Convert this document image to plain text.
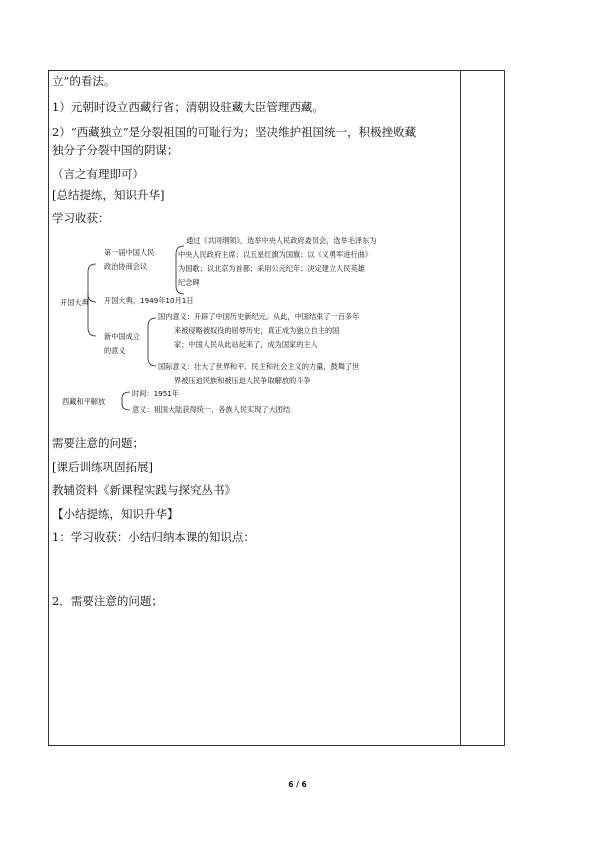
立”的看法。
1）元朝时设立西藏行省；清朝设驻藏大臣管理西藏。
2）“西藏独立”是分裂祖国的可耻行为；坚决维护祖国统一，积极挫败藏
独分子分裂中国的阴谋；
（言之有理即可）
[总结提练，知识升华]
学习收获：
需要注意的问题；
[课后训练巩固拓展]
教辅资料《新课程实践与探究丛书》
【小结提练，知识升华】
1：学习收获：小结归纳本课的知识点：
2．需要注意的问题；
开国大典
第一届中国人民
政治协商会议
通过《共同纲领》，选举中央人民政府委员会，选举毛泽东为
中央人民政府主席；以五星红旗为国旗；以《义勇军进行曲》
为国歌；以北京为首都；采用公元纪年；决定建立人民英雄
纪念碑
开国大典，1949年10月1日
新中国成立
的意义
国内意义：开辟了中国历史新纪元。从此，中国结束了一百多年
来被侵略被奴役的屈辱历史，真正成为独立自主的国
家；中国人民从此站起来了，成为国家的主人
国际意义：壮大了世界和平、民主和社会主义的力量，鼓舞了世
界被压迫民族和被压迫人民争取解放的斗争
西藏和平解放
时间：1951年
意义：祖国大陆获得统一，各族人民实现了大团结
6 / 6
